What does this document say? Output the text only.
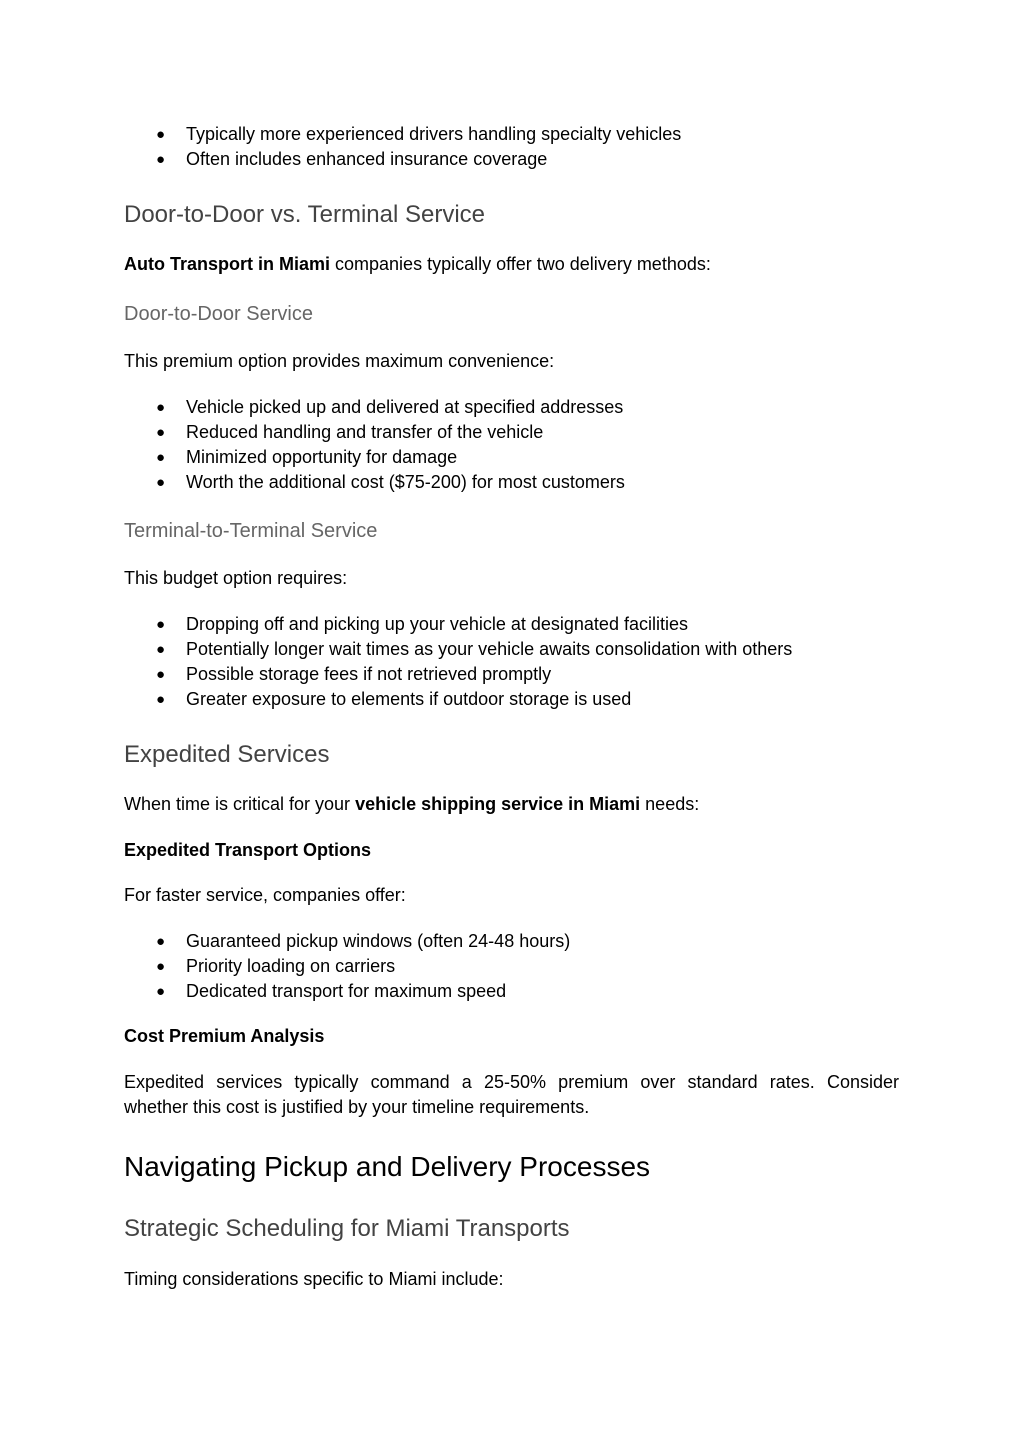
● Typically more experienced drivers handling specialty vehicles
● Often includes enhanced insurance coverage
Door-to-Door vs. Terminal Service
Auto Transport in Miami companies typically offer two delivery methods:
Door-to-Door Service
This premium option provides maximum convenience:
● Vehicle picked up and delivered at specified addresses
● Reduced handling and transfer of the vehicle
● Minimized opportunity for damage
● Worth the additional cost ($75-200) for most customers
Terminal-to-Terminal Service
This budget option requires:
● Dropping off and picking up your vehicle at designated facilities
● Potentially longer wait times as your vehicle awaits consolidation with others
● Possible storage fees if not retrieved promptly
● Greater exposure to elements if outdoor storage is used
Expedited Services
When time is critical for your vehicle shipping service in Miami needs:
Expedited Transport Options
For faster service, companies offer:
● Guaranteed pickup windows (often 24-48 hours)
● Priority loading on carriers
● Dedicated transport for maximum speed
Cost Premium Analysis
Expedited services typically command a 25-50% premium over standard rates. Consider
whether this cost is justified by your timeline requirements.
Navigating Pickup and Delivery Processes
Strategic Scheduling for Miami Transports
Timing considerations specific to Miami include:
